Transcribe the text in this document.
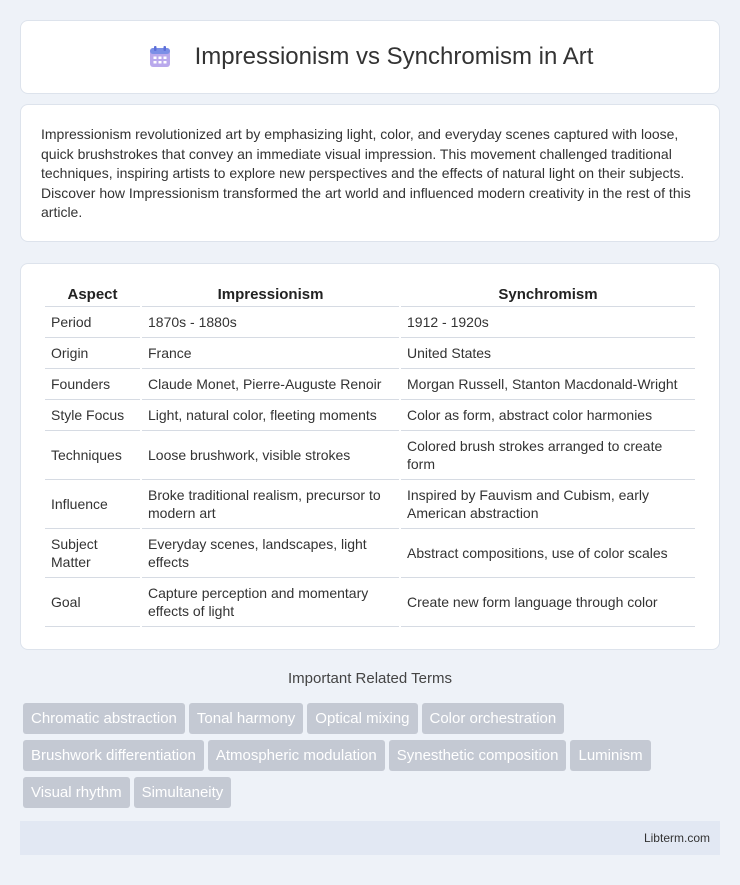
Impressionism vs Synchromism in Art

Impressionism revolutionized art by emphasizing light, color, and everyday scenes captured with loose, quick brushstrokes that convey an immediate visual impression. This movement challenged traditional techniques, inspiring artists to explore new perspectives and the effects of natural light on their subjects. Discover how Impressionism transformed the art world and influenced modern creativity in the rest of this article.

Aspect	Impressionism	Synchromism
Period	1870s - 1880s	1912 - 1920s
Origin	France	United States
Founders	Claude Monet, Pierre-Auguste Renoir	Morgan Russell, Stanton Macdonald-Wright
Style Focus	Light, natural color, fleeting moments	Color as form, abstract color harmonies
Techniques	Loose brushwork, visible strokes	Colored brush strokes arranged to create form
Influence	Broke traditional realism, precursor to modern art	Inspired by Fauvism and Cubism, early American abstraction
Subject Matter	Everyday scenes, landscapes, light effects	Abstract compositions, use of color scales
Goal	Capture perception and momentary effects of light	Create new form language through color
Important Related Terms
Chromatic abstraction Tonal harmony Optical mixing Color orchestrationBrushwork differentiation Atmospheric modulation Synesthetic composition LuminismVisual rhythm Simultaneity
Libterm.com
